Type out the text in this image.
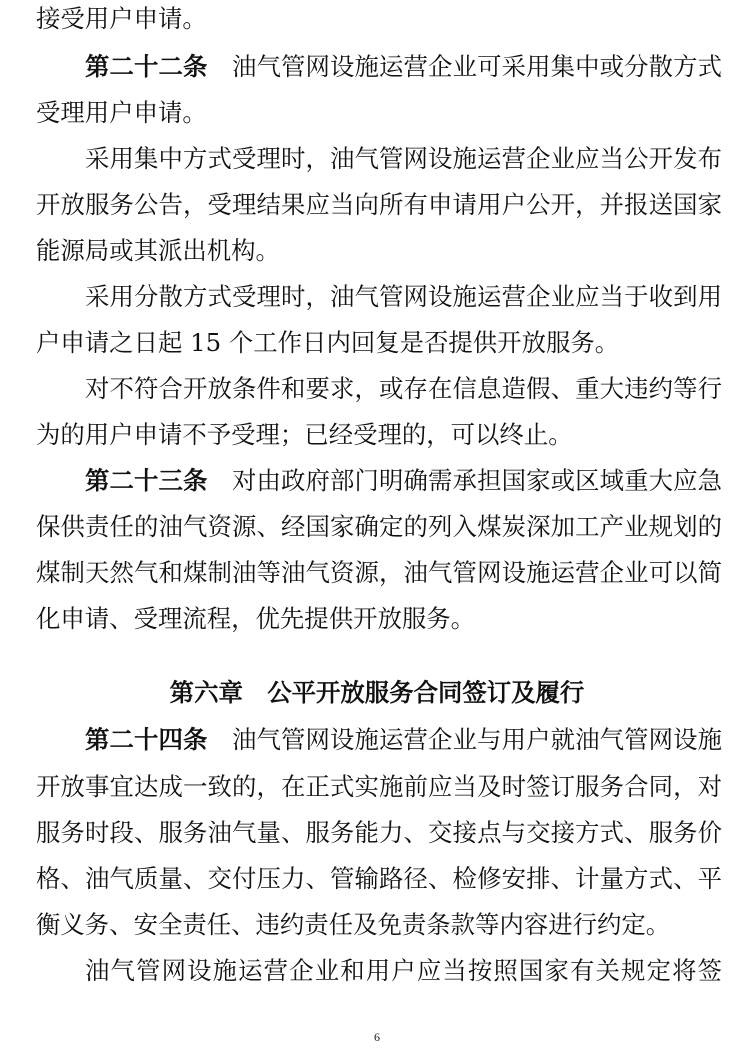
接受用户申请。
第二十二条  油气管网设施运营企业可采用集中或分散方式
受理用户申请。
采用集中方式受理时，油气管网设施运营企业应当公开发布
开放服务公告，受理结果应当向所有申请用户公开，并报送国家
能源局或其派出机构。
采用分散方式受理时，油气管网设施运营企业应当于收到用
户申请之日起 15 个工作日内回复是否提供开放服务。
对不符合开放条件和要求，或存在信息造假、重大违约等行
为的用户申请不予受理；已经受理的，可以终止。
第二十三条  对由政府部门明确需承担国家或区域重大应急
保供责任的油气资源、经国家确定的列入煤炭深加工产业规划的
煤制天然气和煤制油等油气资源，油气管网设施运营企业可以简
化申请、受理流程，优先提供开放服务。
第六章　公平开放服务合同签订及履行
第二十四条  油气管网设施运营企业与用户就油气管网设施
开放事宜达成一致的，在正式实施前应当及时签订服务合同，对
服务时段、服务油气量、服务能力、交接点与交接方式、服务价
格、油气质量、交付压力、管输路径、检修安排、计量方式、平
衡义务、安全责任、违约责任及免责条款等内容进行约定。
油气管网设施运营企业和用户应当按照国家有关规定将签
6
